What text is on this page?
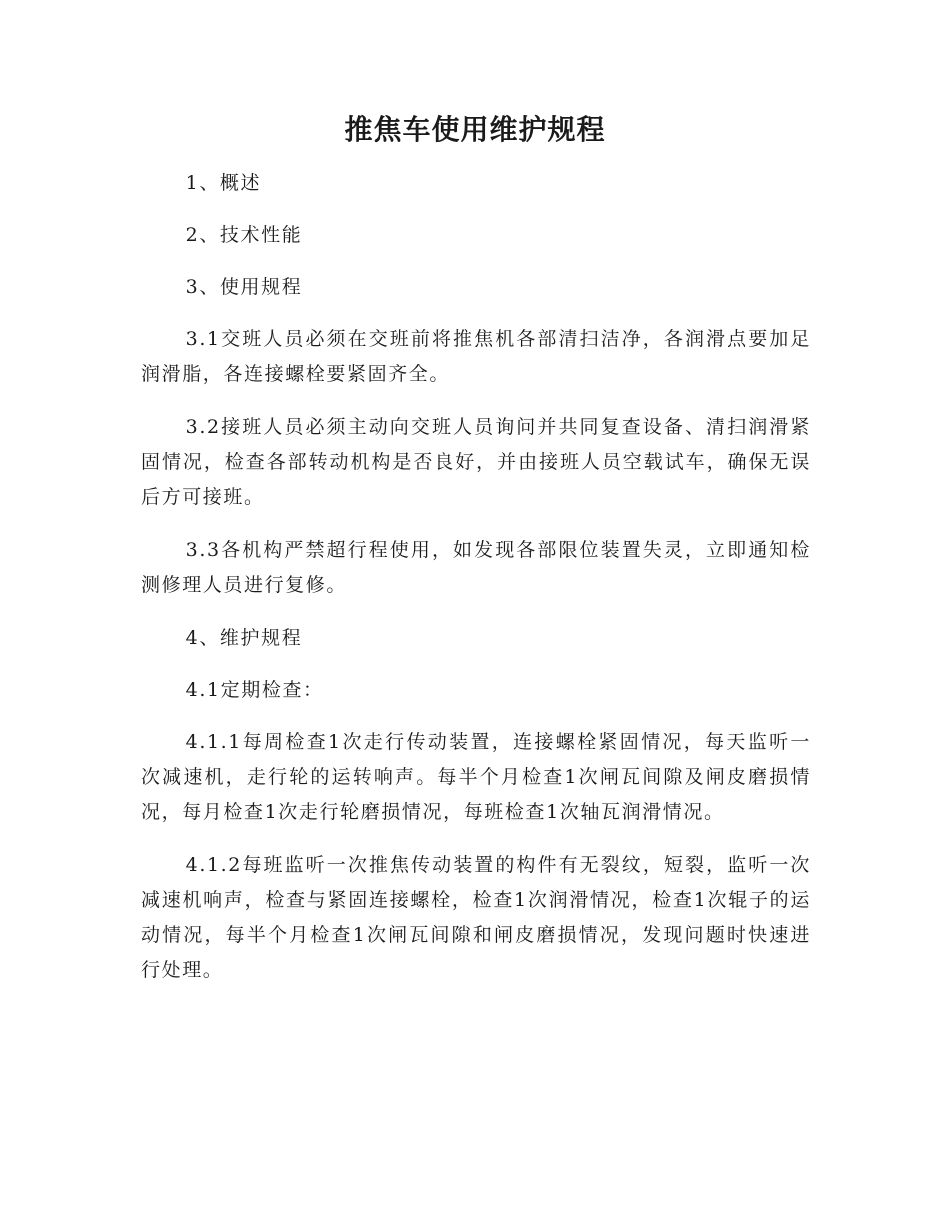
推焦车使用维护规程

1、概述

2、技术性能

3、使用规程

3.1交班人员必须在交班前将推焦机各部清扫洁净，各润滑点要加足润滑脂，各连接螺栓要紧固齐全。

3.2接班人员必须主动向交班人员询问并共同复查设备、清扫润滑紧固情况，检查各部转动机构是否良好，并由接班人员空载试车，确保无误后方可接班。

3.3各机构严禁超行程使用，如发现各部限位装置失灵，立即通知检测修理人员进行复修。

4、维护规程

4.1定期检查：

4.1.1每周检查1次走行传动装置，连接螺栓紧固情况，每天监听一次减速机，走行轮的运转响声。每半个月检查1次闸瓦间隙及闸皮磨损情况，每月检查1次走行轮磨损情况，每班检查1次轴瓦润滑情况。

4.1.2每班监听一次推焦传动装置的构件有无裂纹，短裂，监听一次减速机响声，检查与紧固连接螺栓，检查1次润滑情况，检查1次辊子的运动情况，每半个月检查1次闸瓦间隙和闸皮磨损情况，发现问题时快速进行处理。
